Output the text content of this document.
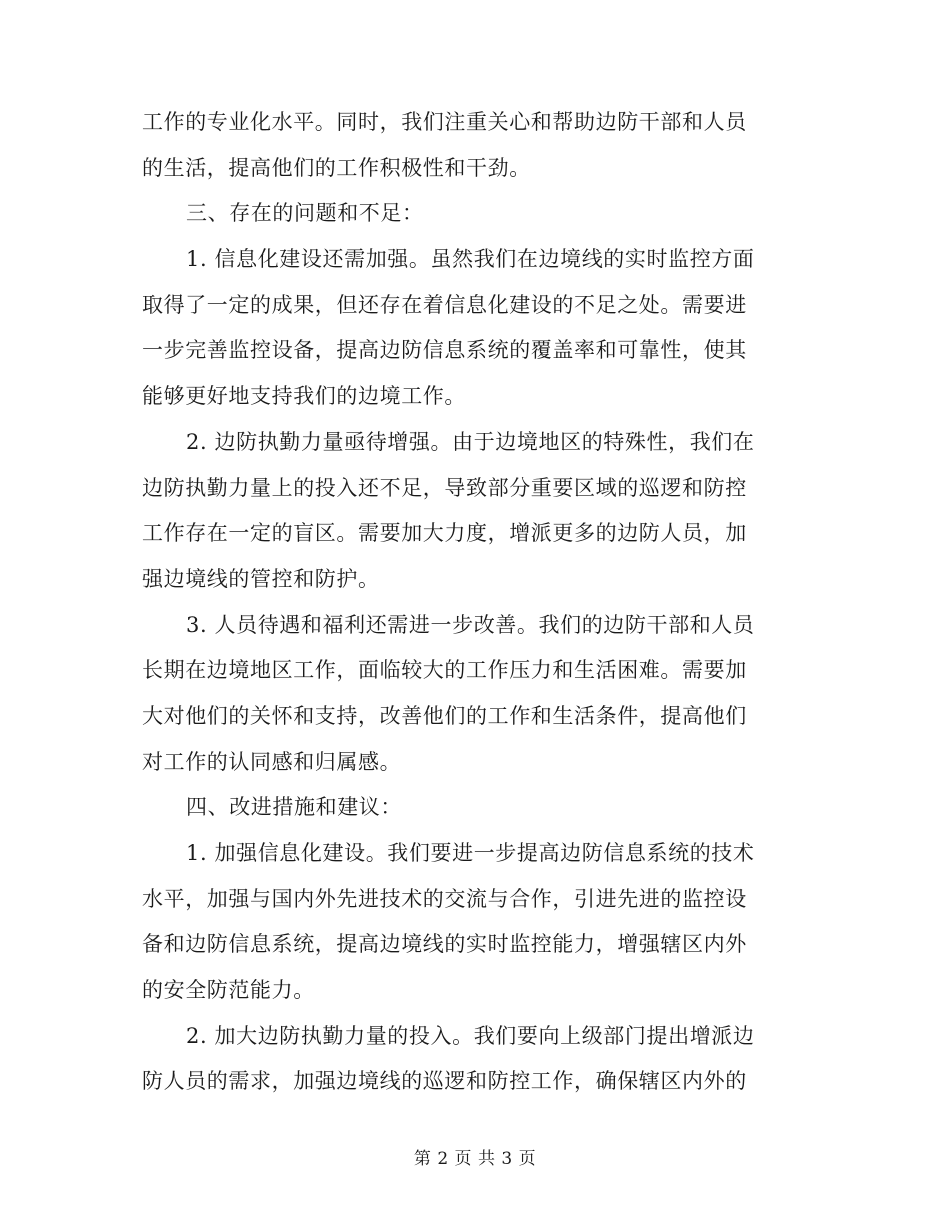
工作的专业化水平。同时，我们注重关心和帮助边防干部和人员
的生活，提高他们的工作积极性和干劲。
三、存在的问题和不足：
1. 信息化建设还需加强。虽然我们在边境线的实时监控方面
取得了一定的成果，但还存在着信息化建设的不足之处。需要进
一步完善监控设备，提高边防信息系统的覆盖率和可靠性，使其
能够更好地支持我们的边境工作。
2. 边防执勤力量亟待增强。由于边境地区的特殊性，我们在
边防执勤力量上的投入还不足，导致部分重要区域的巡逻和防控
工作存在一定的盲区。需要加大力度，增派更多的边防人员，加
强边境线的管控和防护。
3. 人员待遇和福利还需进一步改善。我们的边防干部和人员
长期在边境地区工作，面临较大的工作压力和生活困难。需要加
大对他们的关怀和支持，改善他们的工作和生活条件，提高他们
对工作的认同感和归属感。
四、改进措施和建议：
1. 加强信息化建设。我们要进一步提高边防信息系统的技术
水平，加强与国内外先进技术的交流与合作，引进先进的监控设
备和边防信息系统，提高边境线的实时监控能力，增强辖区内外
的安全防范能力。
2. 加大边防执勤力量的投入。我们要向上级部门提出增派边
防人员的需求，加强边境线的巡逻和防控工作，确保辖区内外的
第 2 页 共 3 页
